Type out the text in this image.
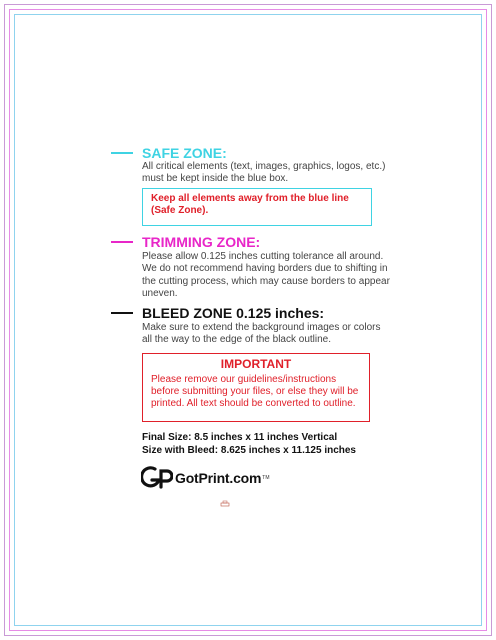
SAFE ZONE:

All critical elements (text, images, graphics, logos, etc.) must be kept inside the blue box.

Keep all elements away from the blue line (Safe Zone).
TRIMMING ZONE:

Please allow 0.125 inches cutting tolerance all around. We do not recommend having borders due to shifting in the cutting process, which may cause borders to appear uneven.

BLEED ZONE 0.125 inches:

Make sure to extend the background images or colors all the way to the edge of the black outline.

IMPORTANT

Please remove our guidelines/instructions before submitting your files, or else they will be printed. All text should be converted to outline.

Final Size: 8.5 inches x 11 inches Vertical
Size with Bleed: 8.625 inches x 11.125 inches
GotPrint.com TM
